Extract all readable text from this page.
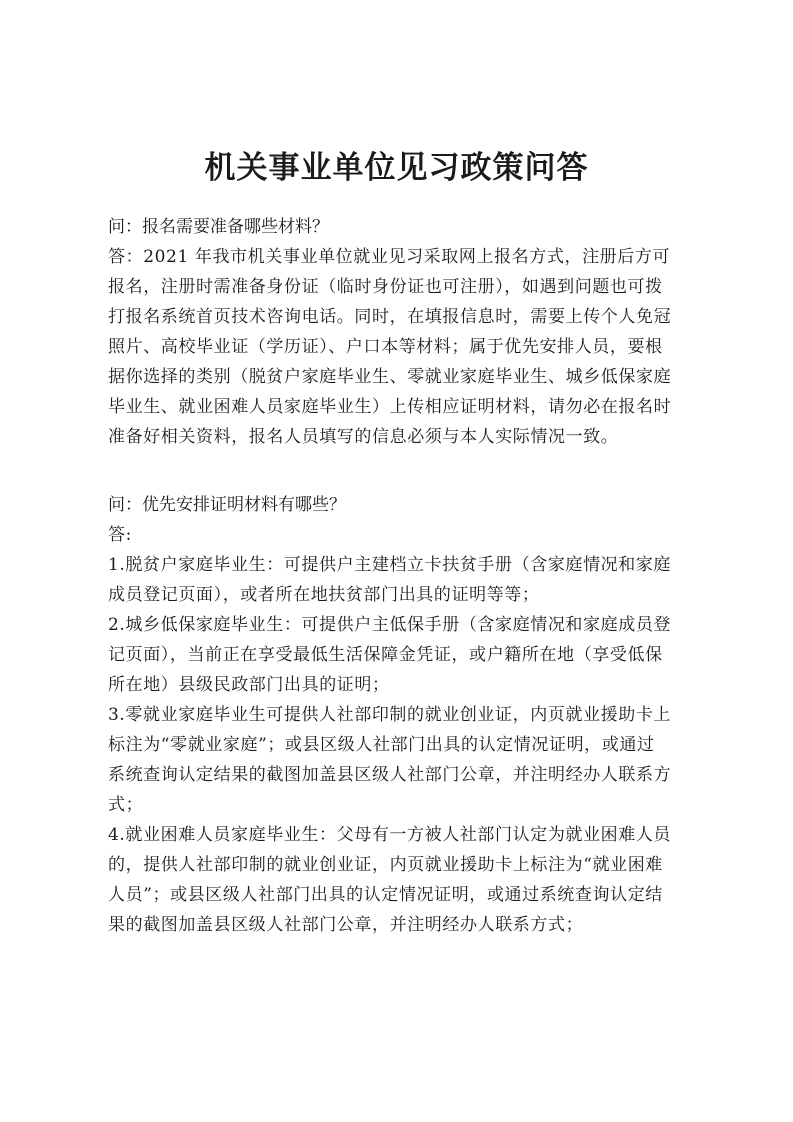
机关事业单位见习政策问答
问：报名需要准备哪些材料？
答：2021 年我市机关事业单位就业见习采取网上报名方式，注册后方可
报名，注册时需准备身份证（临时身份证也可注册），如遇到问题也可拨
打报名系统首页技术咨询电话。同时，在填报信息时，需要上传个人免冠
照片、高校毕业证（学历证）、户口本等材料；属于优先安排人员，要根
据你选择的类别（脱贫户家庭毕业生、零就业家庭毕业生、城乡低保家庭
毕业生、就业困难人员家庭毕业生）上传相应证明材料，请勿必在报名时
准备好相关资料，报名人员填写的信息必须与本人实际情况一致。
问：优先安排证明材料有哪些？
答:
1.脱贫户家庭毕业生：可提供户主建档立卡扶贫手册（含家庭情况和家庭
成员登记页面），或者所在地扶贫部门出具的证明等等；
2.城乡低保家庭毕业生：可提供户主低保手册（含家庭情况和家庭成员登
记页面），当前正在享受最低生活保障金凭证，或户籍所在地（享受低保
所在地）县级民政部门出具的证明；
3.零就业家庭毕业生可提供人社部印制的就业创业证，内页就业援助卡上
标注为“零就业家庭”；或县区级人社部门出具的认定情况证明，或通过
系统查询认定结果的截图加盖县区级人社部门公章，并注明经办人联系方
式；
4.就业困难人员家庭毕业生：父母有一方被人社部门认定为就业困难人员
的，提供人社部印制的就业创业证，内页就业援助卡上标注为“就业困难
人员”；或县区级人社部门出具的认定情况证明，或通过系统查询认定结
果的截图加盖县区级人社部门公章，并注明经办人联系方式；
